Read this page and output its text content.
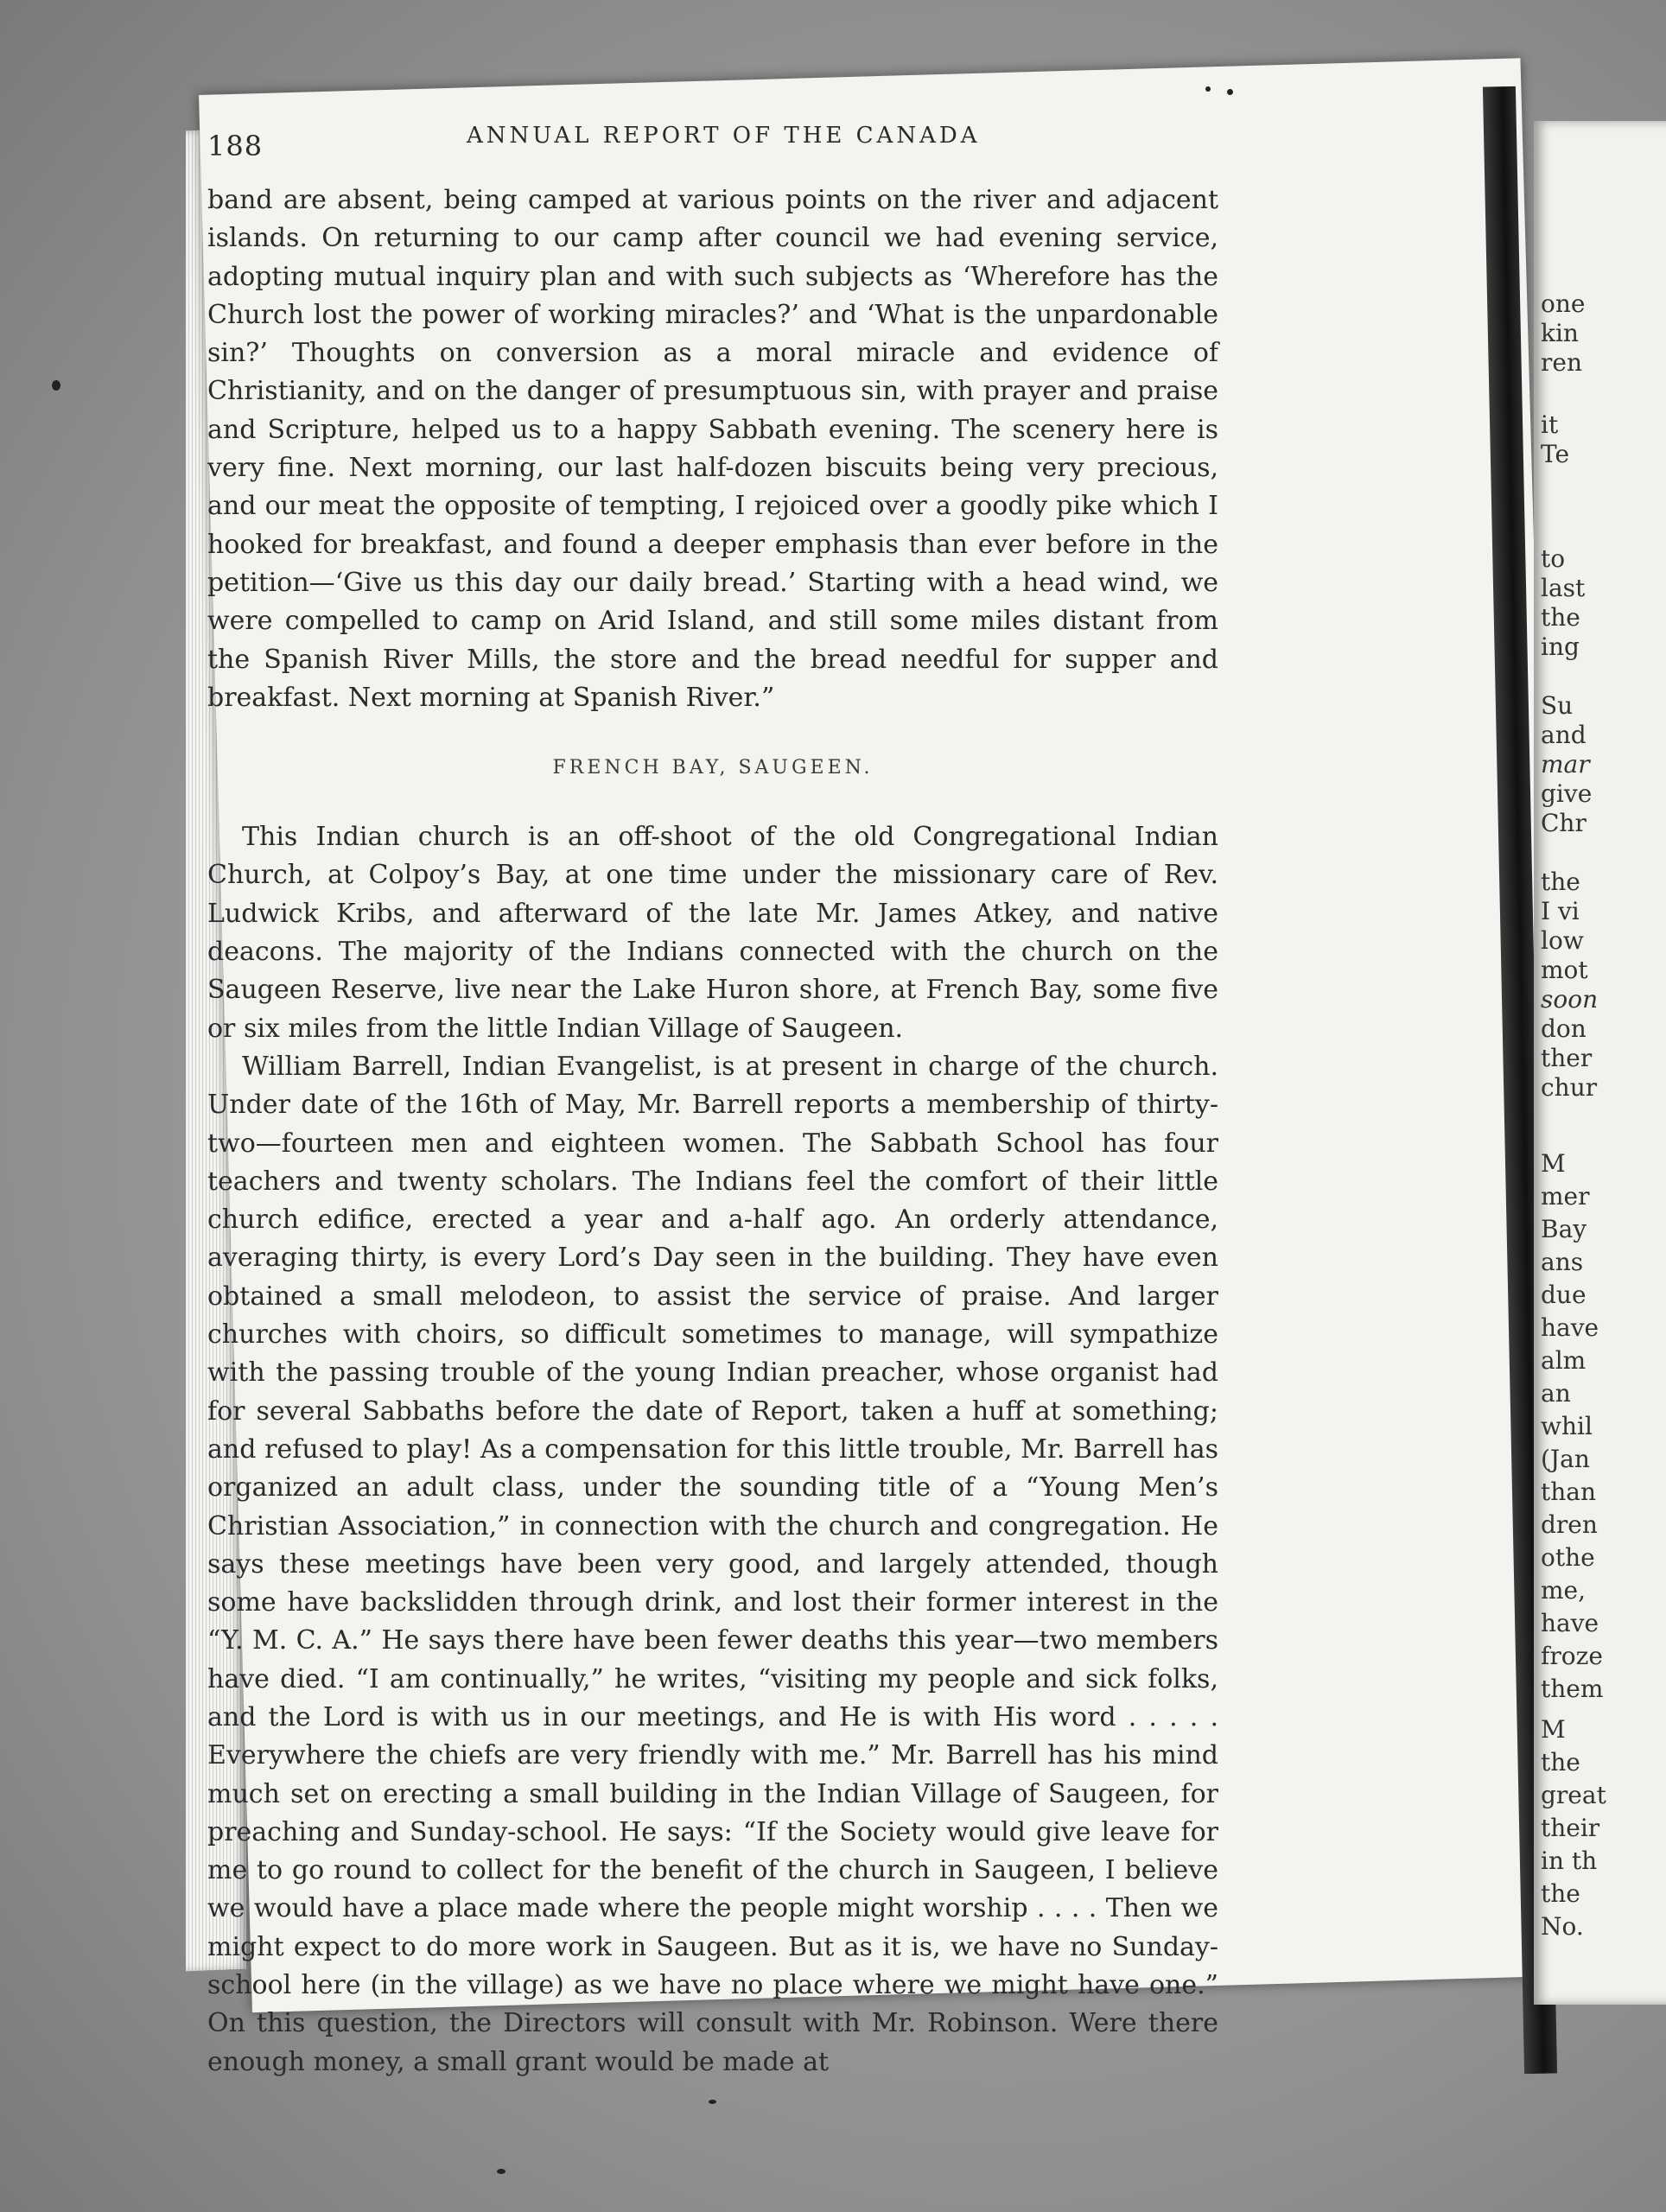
one
kin
ren
it
Te
to
last
the
ing
Su
and
mar
give
Chr
the
I vi
low
mot
soon
don
ther
chur
M
mer
Bay
ans
due
have
alm
an
whil
(Jan
than
dren
othe
me,
have
froze
them
M
the
great
their
in th
the
No.
188	ANNUAL REPORT OF THE CANADA

band are absent, being camped at various points on the river and adjacent islands. On returning to our camp after council we had evening service, adopting mutual inquiry plan and with such subjects as ‘Wherefore has the Church lost the power of working miracles?’ and ‘What is the unpardonable sin?’ Thoughts on conversion as a moral miracle and evidence of Christianity, and on the danger of presumptuous sin, with prayer and praise and Scripture, helped us to a happy Sabbath evening. The scenery here is very fine. Next morning, our last half-dozen biscuits being very precious, and our meat the opposite of tempting, I rejoiced over a goodly pike which I hooked for breakfast, and found a deeper emphasis than ever before in the petition—‘Give us this day our daily bread.’ Starting with a head wind, we were compelled to camp on Arid Island, and still some miles distant from the Spanish River Mills, the store and the bread needful for supper and breakfast. Next morning at Spanish River.”

FRENCH BAY, SAUGEEN.

This Indian church is an off-shoot of the old Congregational Indian Church, at Colpoy’s Bay, at one time under the missionary care of Rev. Ludwick Kribs, and afterward of the late Mr. James Atkey, and native deacons. The majority of the Indians connected with the church on the Saugeen Reserve, live near the Lake Huron shore, at French Bay, some five or six miles from the little Indian Village of Saugeen.

William Barrell, Indian Evangelist, is at present in charge of the church. Under date of the 16th of May, Mr. Barrell reports a membership of thirty-two—fourteen men and eighteen women. The Sabbath School has four teachers and twenty scholars. The Indians feel the comfort of their little church edifice, erected a year and a-half ago. An orderly attendance, averaging thirty, is every Lord’s Day seen in the building. They have even obtained a small melodeon, to assist the service of praise. And larger churches with choirs, so difficult sometimes to manage, will sympathize with the passing trouble of the young Indian preacher, whose organist had for several Sabbaths before the date of Report, taken a huff at something; and refused to play! As a compensation for this little trouble, Mr. Barrell has organized an adult class, under the sounding title of a “Young Men’s Christian Association,” in connection with the church and congregation. He says these meetings have been very good, and largely attended, though some have backslidden through drink, and lost their former interest in the “Y. M. C. A.” He says there have been fewer deaths this year—two members have died. “I am continually,” he writes, “visiting my people and sick folks, and the Lord is with us in our meetings, and He is with His word . . . . . Everywhere the chiefs are very friendly with me.” Mr. Barrell has his mind much set on erecting a small building in the Indian Village of Saugeen, for preaching and Sunday-school. He says: “If the Society would give leave for me to go round to collect for the benefit of the church in Saugeen, I believe we would have a place made where the people might worship . . . . Then we might expect to do more work in Saugeen. But as it is, we have no Sunday-school here (in the village) as we have no place where we might have one.” On this question, the Directors will consult with Mr. Robinson. Were there enough money, a small grant would be made at
